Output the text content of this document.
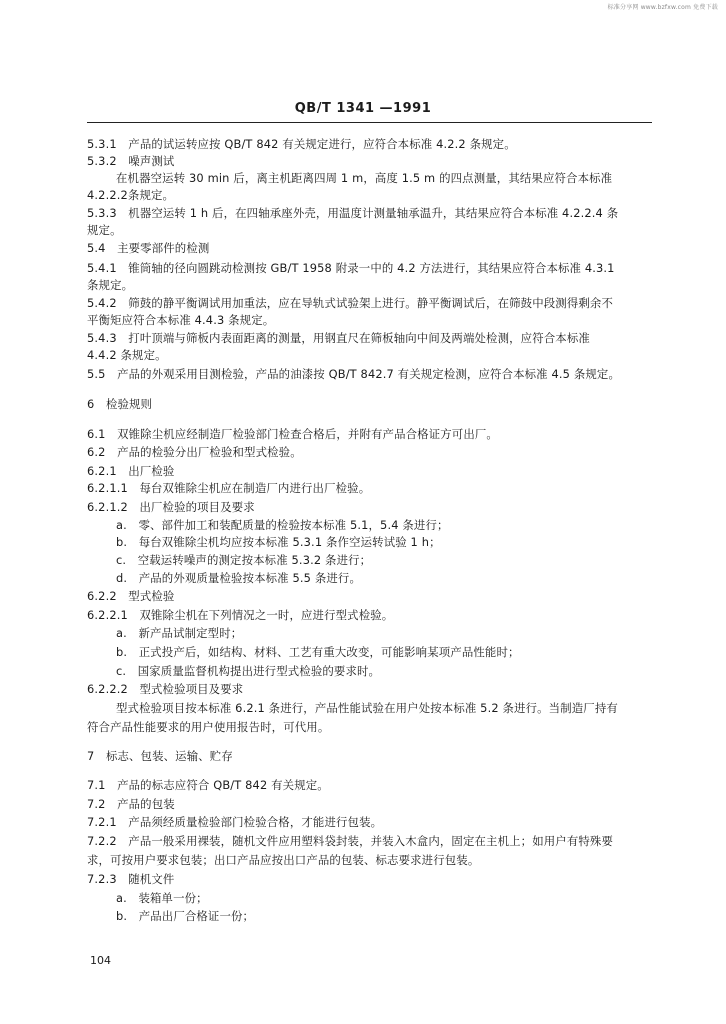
标准分享网 www.bzfxw.com 免费下载
QB/T 1341 —1991
5.3.1　产品的试运转应按 QB/T 842 有关规定进行，应符合本标准 4.2.2 条规定。
5.3.2　噪声测试
在机器空运转 30 min 后，离主机距离四周 1 m，高度 1.5 m 的四点测量，其结果应符合本标准
4.2.2.2条规定。
5.3.3　机器空运转 1 h 后，在四轴承座外壳，用温度计测量轴承温升，其结果应符合本标准 4.2.2.4 条
规定。
5.4　主要零部件的检测
5.4.1　锥筒轴的径向圆跳动检测按 GB/T 1958 附录一中的 4.2 方法进行，其结果应符合本标准 4.3.1
条规定。
5.4.2　筛鼓的静平衡调试用加重法，应在导轨式试验架上进行。静平衡调试后，在筛鼓中段测得剩余不
平衡矩应符合本标准 4.4.3 条规定。
5.4.3　打叶顶端与筛板内表面距离的测量，用钢直尺在筛板轴向中间及两端处检测，应符合本标准
4.4.2 条规定。
5.5　产品的外观采用目测检验，产品的油漆按 QB/T 842.7 有关规定检测，应符合本标准 4.5 条规定。
6　检验规则
6.1　双锥除尘机应经制造厂检验部门检查合格后，并附有产品合格证方可出厂。
6.2　产品的检验分出厂检验和型式检验。
6.2.1　出厂检验
6.2.1.1　每台双锥除尘机应在制造厂内进行出厂检验。
6.2.1.2　出厂检验的项目及要求
a.　零、部件加工和装配质量的检验按本标准 5.1，5.4 条进行；
b.　每台双锥除尘机均应按本标准 5.3.1 条作空运转试验 1 h；
c.　空载运转噪声的测定按本标准 5.3.2 条进行；
d.　产品的外观质量检验按本标准 5.5 条进行。
6.2.2　型式检验
6.2.2.1　双锥除尘机在下列情况之一时，应进行型式检验。
a.　新产品试制定型时；
b.　正式投产后，如结构、材料、工艺有重大改变，可能影响某项产品性能时；
c.　国家质量监督机构提出进行型式检验的要求时。
6.2.2.2　型式检验项目及要求
型式检验项目按本标准 6.2.1 条进行，产品性能试验在用户处按本标准 5.2 条进行。当制造厂持有
符合产品性能要求的用户使用报告时，可代用。
7　标志、包装、运输、贮存
7.1　产品的标志应符合 QB/T 842 有关规定。
7.2　产品的包装
7.2.1　产品须经质量检验部门检验合格，才能进行包装。
7.2.2　产品一般采用裸装，随机文件应用塑料袋封装，并装入木盒内，固定在主机上；如用户有特殊要
求，可按用户要求包装；出口产品应按出口产品的包装、标志要求进行包装。
7.2.3　随机文件
a.　装箱单一份；
b.　产品出厂合格证一份；
104
